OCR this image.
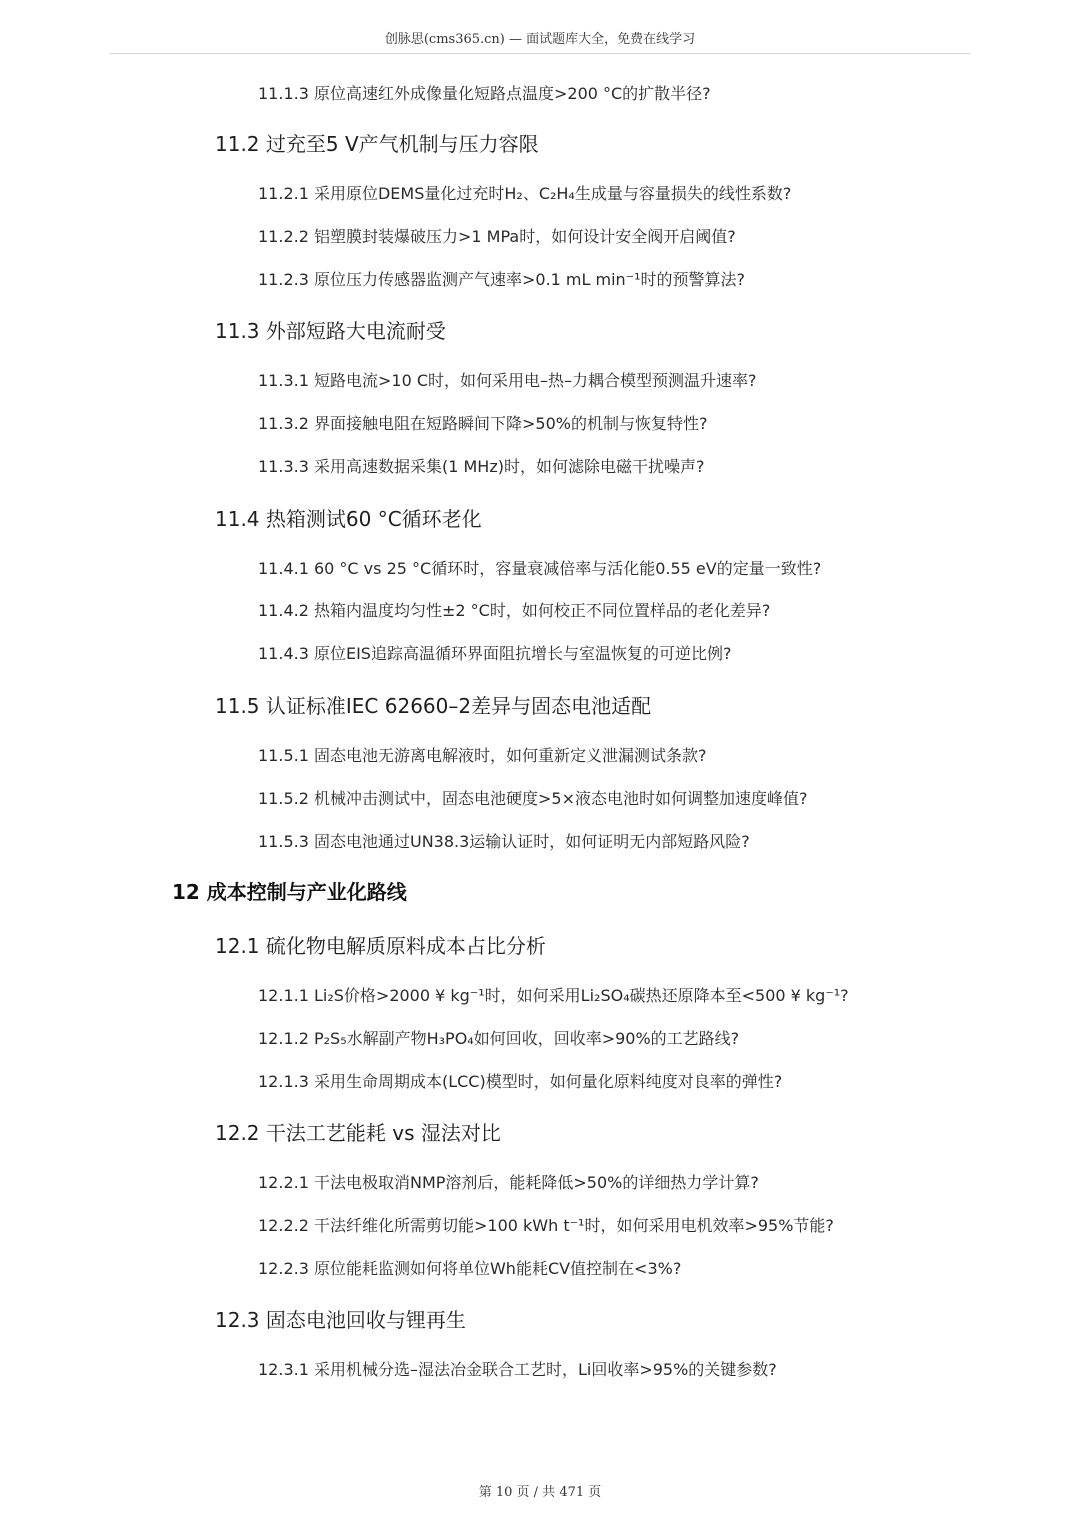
创脉思(cms365.cn) — 面试题库大全，免费在线学习
11.1.3 原位高速红外成像量化短路点温度>200 °C的扩散半径?
11.2 过充至5 V产气机制与压力容限
11.2.1 采用原位DEMS量化过充时H₂、C₂H₄生成量与容量损失的线性系数?
11.2.2 铝塑膜封装爆破压力>1 MPa时，如何设计安全阀开启阈值?
11.2.3 原位压力传感器监测产气速率>0.1 mL min⁻¹时的预警算法?
11.3 外部短路大电流耐受
11.3.1 短路电流>10 C时，如何采用电–热–力耦合模型预测温升速率?
11.3.2 界面接触电阻在短路瞬间下降>50%的机制与恢复特性?
11.3.3 采用高速数据采集(1 MHz)时，如何滤除电磁干扰噪声?
11.4 热箱测试60 °C循环老化
11.4.1 60 °C vs 25 °C循环时，容量衰减倍率与活化能0.55 eV的定量一致性?
11.4.2 热箱内温度均匀性±2 °C时，如何校正不同位置样品的老化差异?
11.4.3 原位EIS追踪高温循环界面阻抗增长与室温恢复的可逆比例?
11.5 认证标准IEC 62660–2差异与固态电池适配
11.5.1 固态电池无游离电解液时，如何重新定义泄漏测试条款?
11.5.2 机械冲击测试中，固态电池硬度>5×液态电池时如何调整加速度峰值?
11.5.3 固态电池通过UN38.3运输认证时，如何证明无内部短路风险?
12 成本控制与产业化路线
12.1 硫化物电解质原料成本占比分析
12.1.1 Li₂S价格>2000 ¥ kg⁻¹时，如何采用Li₂SO₄碳热还原降本至<500 ¥ kg⁻¹?
12.1.2 P₂S₅水解副产物H₃PO₄如何回收，回收率>90%的工艺路线?
12.1.3 采用生命周期成本(LCC)模型时，如何量化原料纯度对良率的弹性?
12.2 干法工艺能耗 vs 湿法对比
12.2.1 干法电极取消NMP溶剂后，能耗降低>50%的详细热力学计算?
12.2.2 干法纤维化所需剪切能>100 kWh t⁻¹时，如何采用电机效率>95%节能?
12.2.3 原位能耗监测如何将单位Wh能耗CV值控制在<3%?
12.3 固态电池回收与锂再生
12.3.1 采用机械分选–湿法冶金联合工艺时，Li回收率>95%的关键参数?
第 10 页 / 共 471 页
